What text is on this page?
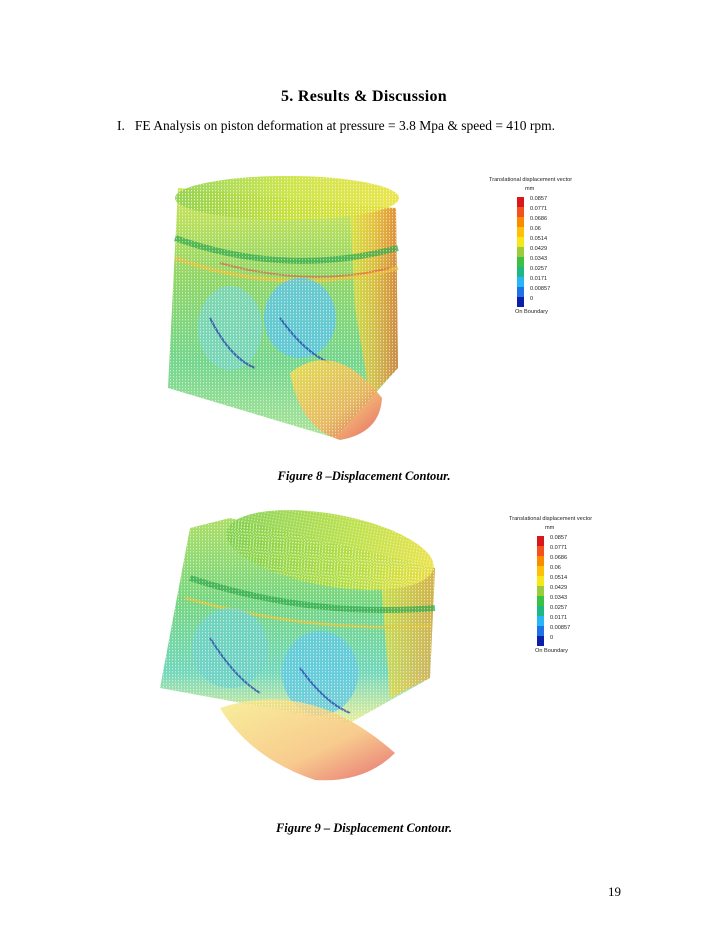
5. Results & Discussion
I. FE Analysis on piston deformation at pressure = 3.8 Mpa & speed = 410 rpm.
Translational displacement vector
mm
0.0857
0.0771
0.0686
0.06
0.0514
0.0429
0.0343
0.0257
0.0171
0.00857
0
On Boundary
Figure 8 –Displacement Contour.
Translational displacement vector
mm
0.0857
0.0771
0.0686
0.06
0.0514
0.0429
0.0343
0.0257
0.0171
0.00857
0
On Boundary
Figure 9 – Displacement Contour.
19
